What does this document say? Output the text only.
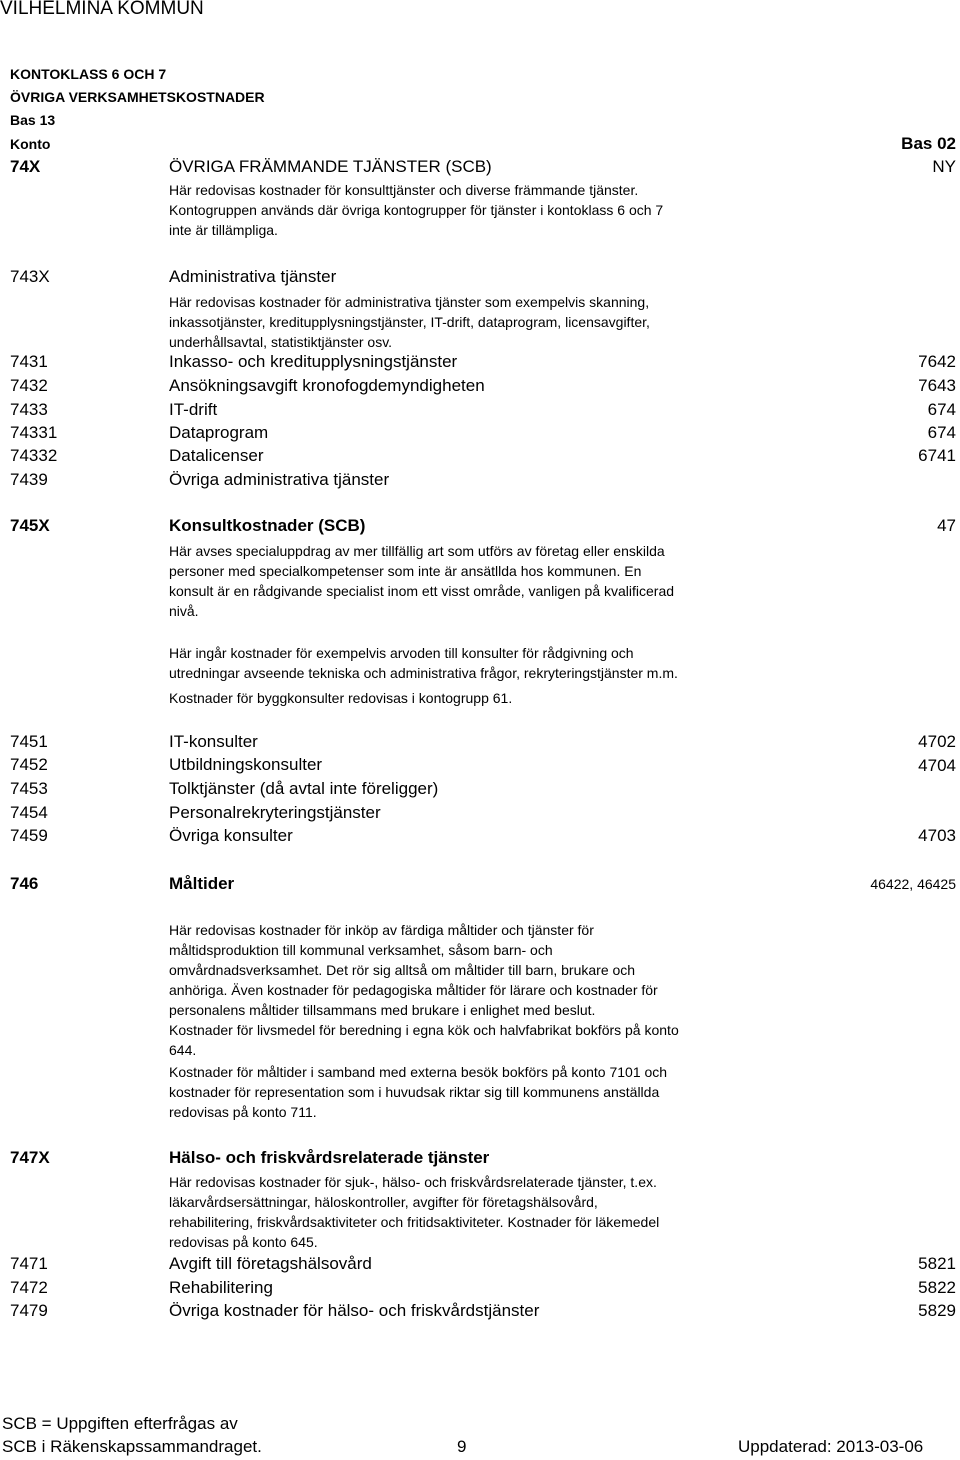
VILHELMINA KOMMUN
KONTOKLASS 6 OCH 7
ÖVRIGA VERKSAMHETSKOSTNADER
Bas 13
Konto	Bas 02
74X	ÖVRIGA FRÄMMANDE TJÄNSTER (SCB)	NY
Här redovisas kostnader för konsulttjänster och diverse främmande tjänster.
Kontogruppen används där övriga kontogrupper för tjänster i kontoklass 6 och 7
inte är tillämpliga.
743X	Administrativa tjänster
Här redovisas kostnader för administrativa tjänster som exempelvis skanning,
inkassotjänster, kreditupplysningstjänster, IT-drift, dataprogram, licensavgifter,
underhållsavtal, statistiktjänster osv.
7431	Inkasso- och kreditupplysningstjänster	7642
7432	Ansökningsavgift kronofogdemyndigheten	7643
7433	IT-drift	674
74331	Dataprogram	674
74332	Datalicenser	6741
7439	Övriga administrativa tjänster
745X	Konsultkostnader (SCB)	47
Här avses specialuppdrag av mer tillfällig art som utförs av företag eller enskilda
personer med specialkompetenser som inte är ansätllda hos kommunen. En
konsult är en rådgivande specialist inom ett visst område, vanligen på kvalificerad
nivå.
Här ingår kostnader för exempelvis arvoden till konsulter för rådgivning och
utredningar avseende tekniska och administrativa frågor, rekryteringstjänster m.m.
Kostnader för byggkonsulter redovisas i kontogrupp 61.
7451	IT-konsulter	4702
7452	Utbildningskonsulter	4704
7453	Tolktjänster (då avtal inte föreligger)
7454	Personalrekryteringstjänster
7459	Övriga konsulter	4703
746	Måltider	46422, 46425
Här redovisas kostnader för inköp av färdiga måltider och tjänster för
måltidsproduktion till kommunal verksamhet, såsom barn- och
omvårdnadsverksamhet. Det rör sig alltså om måltider till barn, brukare och
anhöriga. Även kostnader för pedagogiska måltider för lärare och kostnader för
personalens måltider tillsammans med brukare i enlighet med beslut.
Kostnader för livsmedel för beredning i egna kök och halvfabrikat bokförs på konto
644.
Kostnader för måltider i samband med externa besök bokförs på konto 7101 och
kostnader för representation som i huvudsak riktar sig till kommunens anställda
redovisas på konto 711.
747X	Hälso- och friskvårdsrelaterade tjänster
Här redovisas kostnader för sjuk-, hälso- och friskvårdsrelaterade tjänster, t.ex.
läkarvårdsersättningar, häloskontroller, avgifter för företagshälsovård,
rehabilitering, friskvårdsaktiviteter och fritidsaktiviteter. Kostnader för läkemedel
redovisas på konto 645.
7471	Avgift till företagshälsovård	5821
7472	Rehabilitering	5822
7479	Övriga kostnader för hälso- och friskvårdstjänster	5829
SCB = Uppgiften efterfrågas av
SCB i Räkenskapssammandraget.	9	Uppdaterad: 2013-03-06
